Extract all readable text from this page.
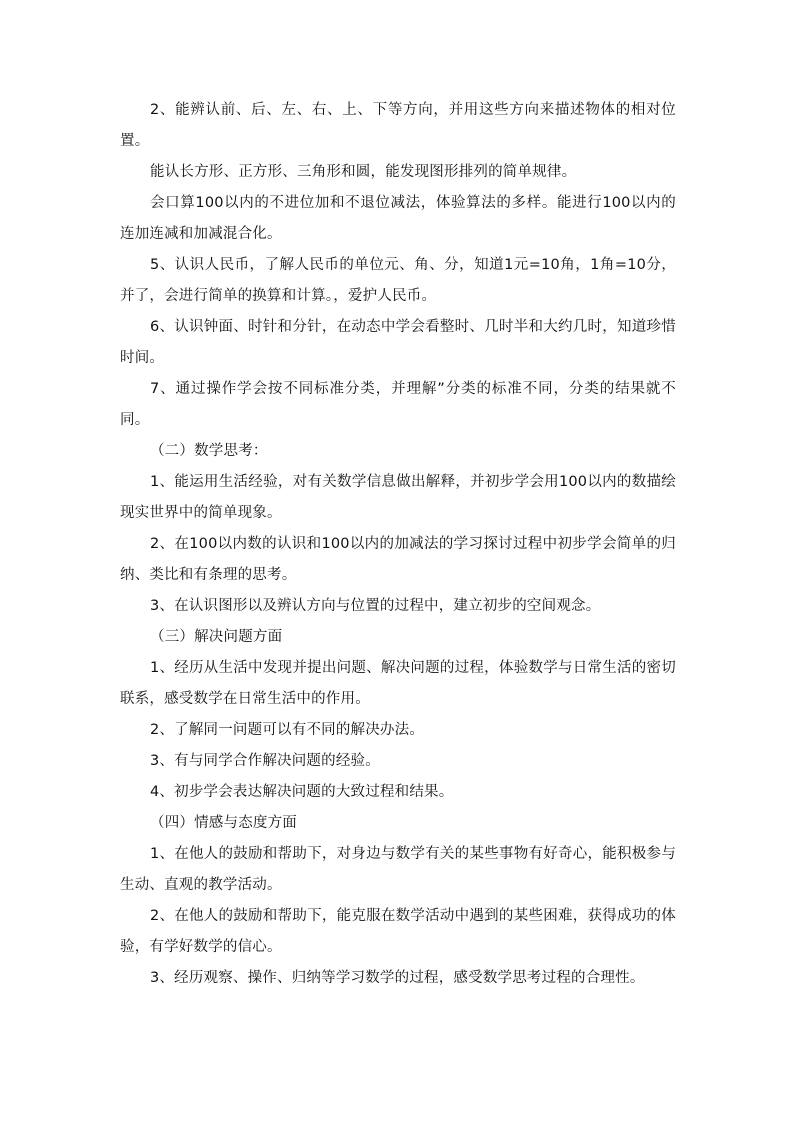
2、能辨认前、后、左、右、上、下等方向，并用这些方向来描述物体的相对位置。

能认长方形、正方形、三角形和圆，能发现图形排列的简单规律。

会口算100以内的不进位加和不退位减法，体验算法的多样。能进行100以内的连加连减和加减混合化。

5、认识人民币，了解人民币的单位元、角、分，知道1元=10角，1角=10分，并了，会进行简单的换算和计算。，爱护人民币。

6、认识钟面、时针和分针，在动态中学会看整时、几时半和大约几时，知道珍惜时间。

7、通过操作学会按不同标准分类，并理解”分类的标准不同，分类的结果就不同。

（二）数学思考：

1、能运用生活经验，对有关数学信息做出解释，并初步学会用100以内的数描绘现实世界中的简单现象。

2、在100以内数的认识和100以内的加减法的学习探讨过程中初步学会简单的归纳、类比和有条理的思考。

3、在认识图形以及辨认方向与位置的过程中，建立初步的空间观念。

（三）解决问题方面

1、经历从生活中发现并提出问题、解决问题的过程，体验数学与日常生活的密切联系，感受数学在日常生活中的作用。

2、了解同一问题可以有不同的解决办法。

3、有与同学合作解决问题的经验。

4、初步学会表达解决问题的大致过程和结果。

（四）情感与态度方面

1、在他人的鼓励和帮助下，对身边与数学有关的某些事物有好奇心，能积极参与生动、直观的教学活动。

2、在他人的鼓励和帮助下，能克服在数学活动中遇到的某些困难，获得成功的体验，有学好数学的信心。

3、经历观察、操作、归纳等学习数学的过程，感受数学思考过程的合理性。
